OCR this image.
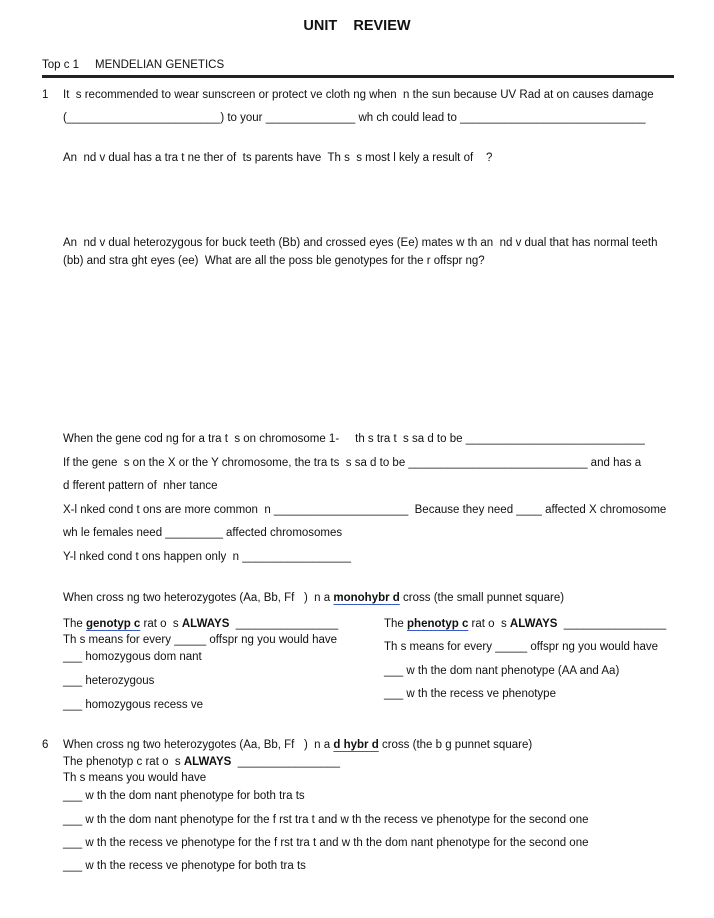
UNIT    REVIEW
Top c 1     MENDELIAN GENETICS
1 It  s recommended to wear sunscreen or protect ve cloth ng when  n the sun because UV Rad at on causes damage
(________________________) to your ______________ wh ch could lead to _____________________________
An  nd v dual has a tra t ne ther of  ts parents have  Th s  s most l kely a result of    ?
An  nd v dual heterozygous for buck teeth (Bb) and crossed eyes (Ee) mates w th an  nd v dual that has normal teeth
(bb) and stra ght eyes (ee)  What are all the poss ble genotypes for the r offspr ng?
When the gene cod ng for a tra t  s on chromosome 1-     th s tra t  s sa d to be ____________________________
If the gene  s on the X or the Y chromosome, the tra ts  s sa d to be ____________________________ and has a
d fferent pattern of  nher tance
X-l nked cond t ons are more common  n _____________________  Because they need ____ affected X chromosome
wh le females need _________ affected chromosomes
Y-l nked cond t ons happen only  n _________________
When cross ng two heterozygotes (Aa, Bb, Ff   )  n a monohybr d cross (the small punnet square)
The genotyp c rat o  s ALWAYS  ________________
Th s means for every _____ offspr ng you would have
___ homozygous dom nant
___ heterozygous
___ homozygous recess ve
The phenotyp c rat o  s ALWAYS  ________________
Th s means for every _____ offspr ng you would have
___ w th the dom nant phenotype (AA and Aa)
___ w th the recess ve phenotype
6 When cross ng two heterozygotes (Aa, Bb, Ff   )  n a d hybr d cross (the b g punnet square)
The phenotyp c rat o  s ALWAYS  ________________
Th s means you would have
___ w th the dom nant phenotype for both tra ts
___ w th the dom nant phenotype for the f rst tra t and w th the recess ve phenotype for the second one
___ w th the recess ve phenotype for the f rst tra t and w th the dom nant phenotype for the second one
___ w th the recess ve phenotype for both tra ts
